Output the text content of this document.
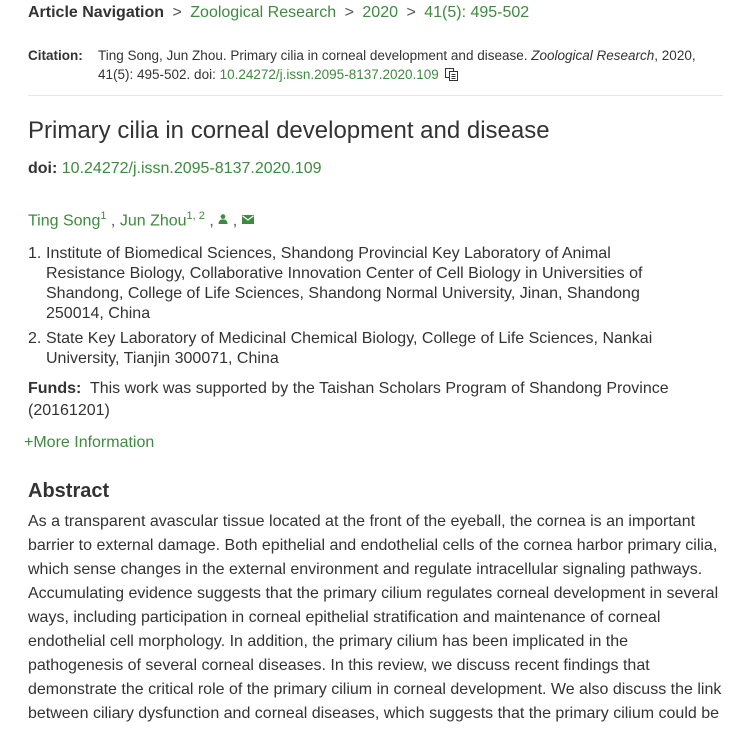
Article Navigation > Zoological Research > 2020 > 41(5): 495-502
Citation: Ting Song, Jun Zhou. Primary cilia in corneal development and disease. Zoological Research, 2020, 41(5): 495-502. doi: 10.24272/j.issn.2095-8137.2020.109
Primary cilia in corneal development and disease
doi: 10.24272/j.issn.2095-8137.2020.109
Ting Song$^1$ , Jun Zhou$^{1, 2}$ , ,
1. Institute of Biomedical Sciences, Shandong Provincial Key Laboratory of Animal Resistance Biology, Collaborative Innovation Center of Cell Biology in Universities of Shandong, College of Life Sciences, Shandong Normal University, Jinan, Shandong 250014, China
2. State Key Laboratory of Medicinal Chemical Biology, College of Life Sciences, Nankai University, Tianjin 300071, China
Funds: This work was supported by the Taishan Scholars Program of Shandong Province (20161201)
+More Information
Abstract

As a transparent avascular tissue located at the front of the eyeball, the cornea is an important barrier to external damage. Both epithelial and endothelial cells of the cornea harbor primary cilia, which sense changes in the external environment and regulate intracellular signaling pathways. Accumulating evidence suggests that the primary cilium regulates corneal development in several ways, including participation in corneal epithelial stratification and maintenance of corneal endothelial cell morphology. In addition, the primary cilium has been implicated in the pathogenesis of several corneal diseases. In this review, we discuss recent findings that demonstrate the critical role of the primary cilium in corneal development. We also discuss the link between ciliary dysfunction and corneal diseases, which suggests that the primary cilium could be
